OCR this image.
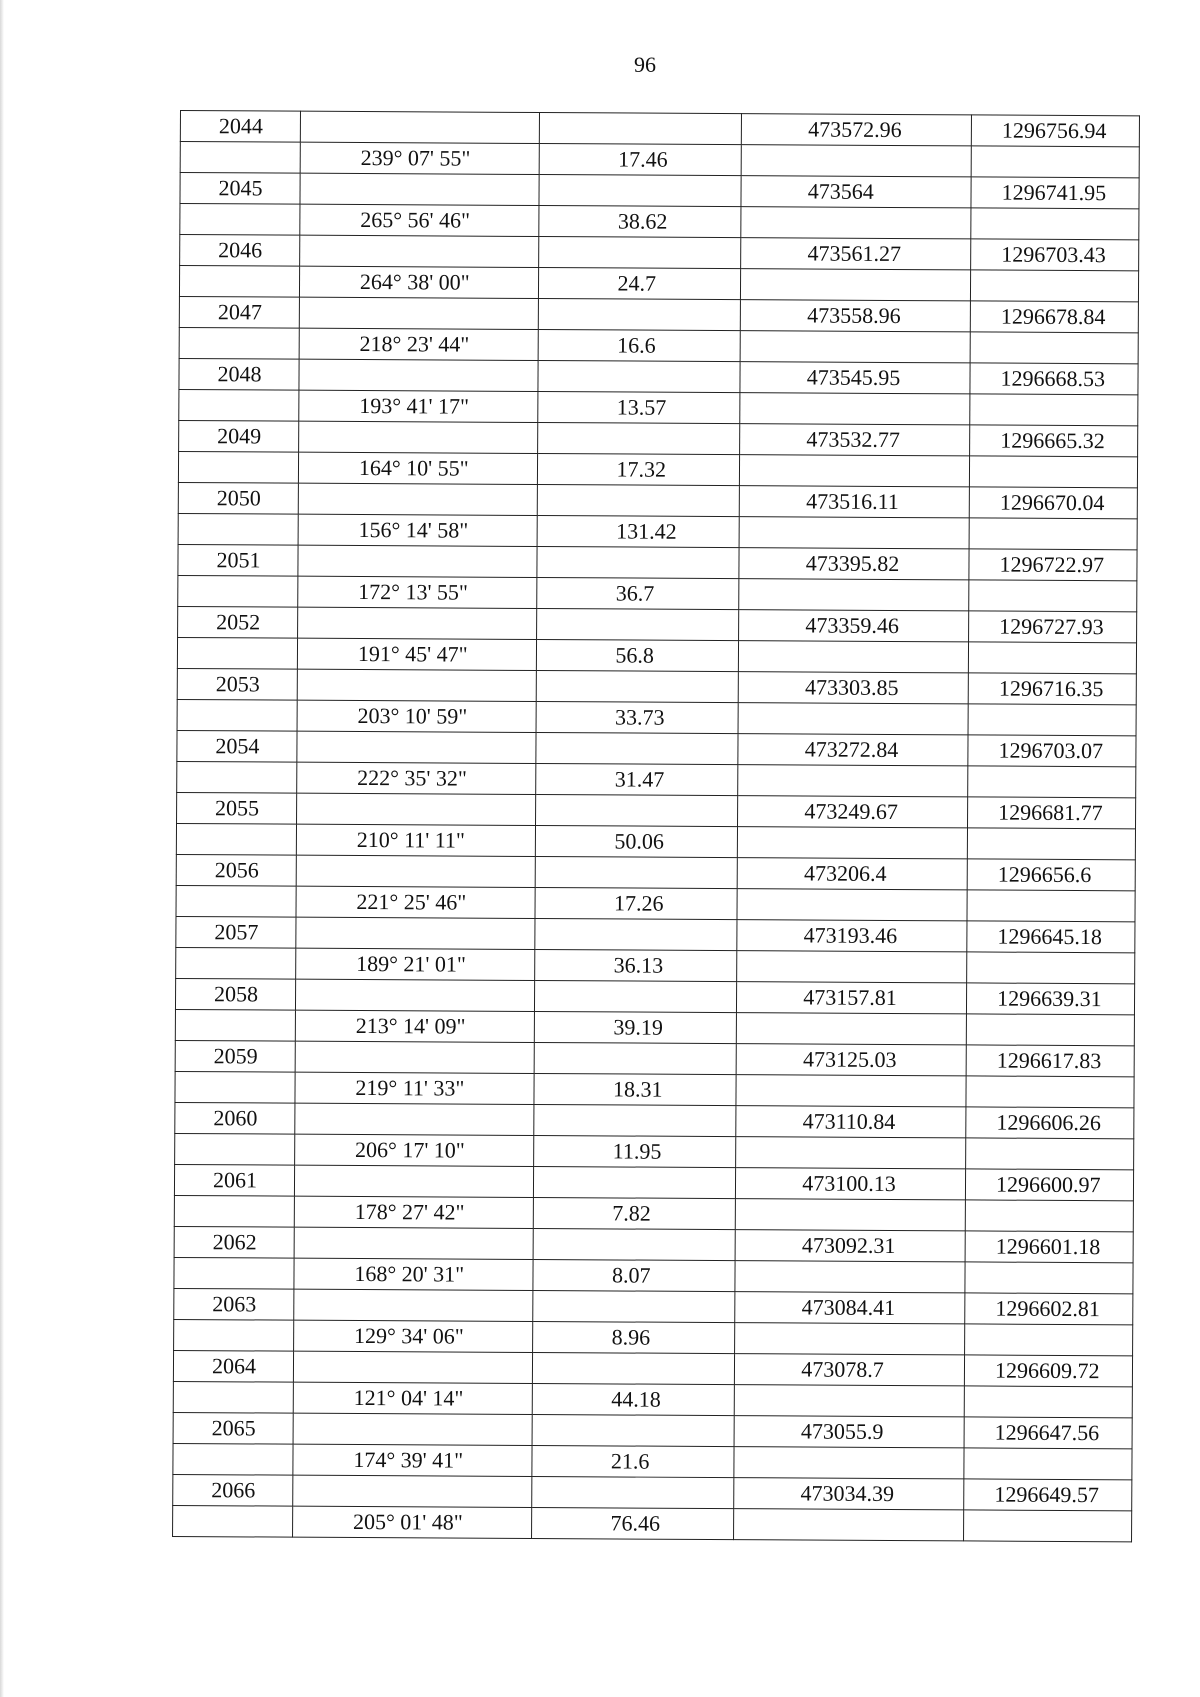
96
2044			473572.96	1296756.94
	239° 07' 55"	17.46		
2045			473564	1296741.95
	265° 56' 46"	38.62		
2046			473561.27	1296703.43
	264° 38' 00"	24.7		
2047			473558.96	1296678.84
	218° 23' 44"	16.6		
2048			473545.95	1296668.53
	193° 41' 17"	13.57		
2049			473532.77	1296665.32
	164° 10' 55"	17.32		
2050			473516.11	1296670.04
	156° 14' 58"	131.42		
2051			473395.82	1296722.97
	172° 13' 55"	36.7		
2052			473359.46	1296727.93
	191° 45' 47"	56.8		
2053			473303.85	1296716.35
	203° 10' 59"	33.73		
2054			473272.84	1296703.07
	222° 35' 32"	31.47		
2055			473249.67	1296681.77
	210° 11' 11"	50.06		
2056			473206.4	1296656.6
	221° 25' 46"	17.26		
2057			473193.46	1296645.18
	189° 21' 01"	36.13		
2058			473157.81	1296639.31
	213° 14' 09"	39.19		
2059			473125.03	1296617.83
	219° 11' 33"	18.31		
2060			473110.84	1296606.26
	206° 17' 10"	11.95		
2061			473100.13	1296600.97
	178° 27' 42"	7.82		
2062			473092.31	1296601.18
	168° 20' 31"	8.07		
2063			473084.41	1296602.81
	129° 34' 06"	8.96		
2064			473078.7	1296609.72
	121° 04' 14"	44.18		
2065			473055.9	1296647.56
	174° 39' 41"	21.6		
2066			473034.39	1296649.57
	205° 01' 48"	76.46		
